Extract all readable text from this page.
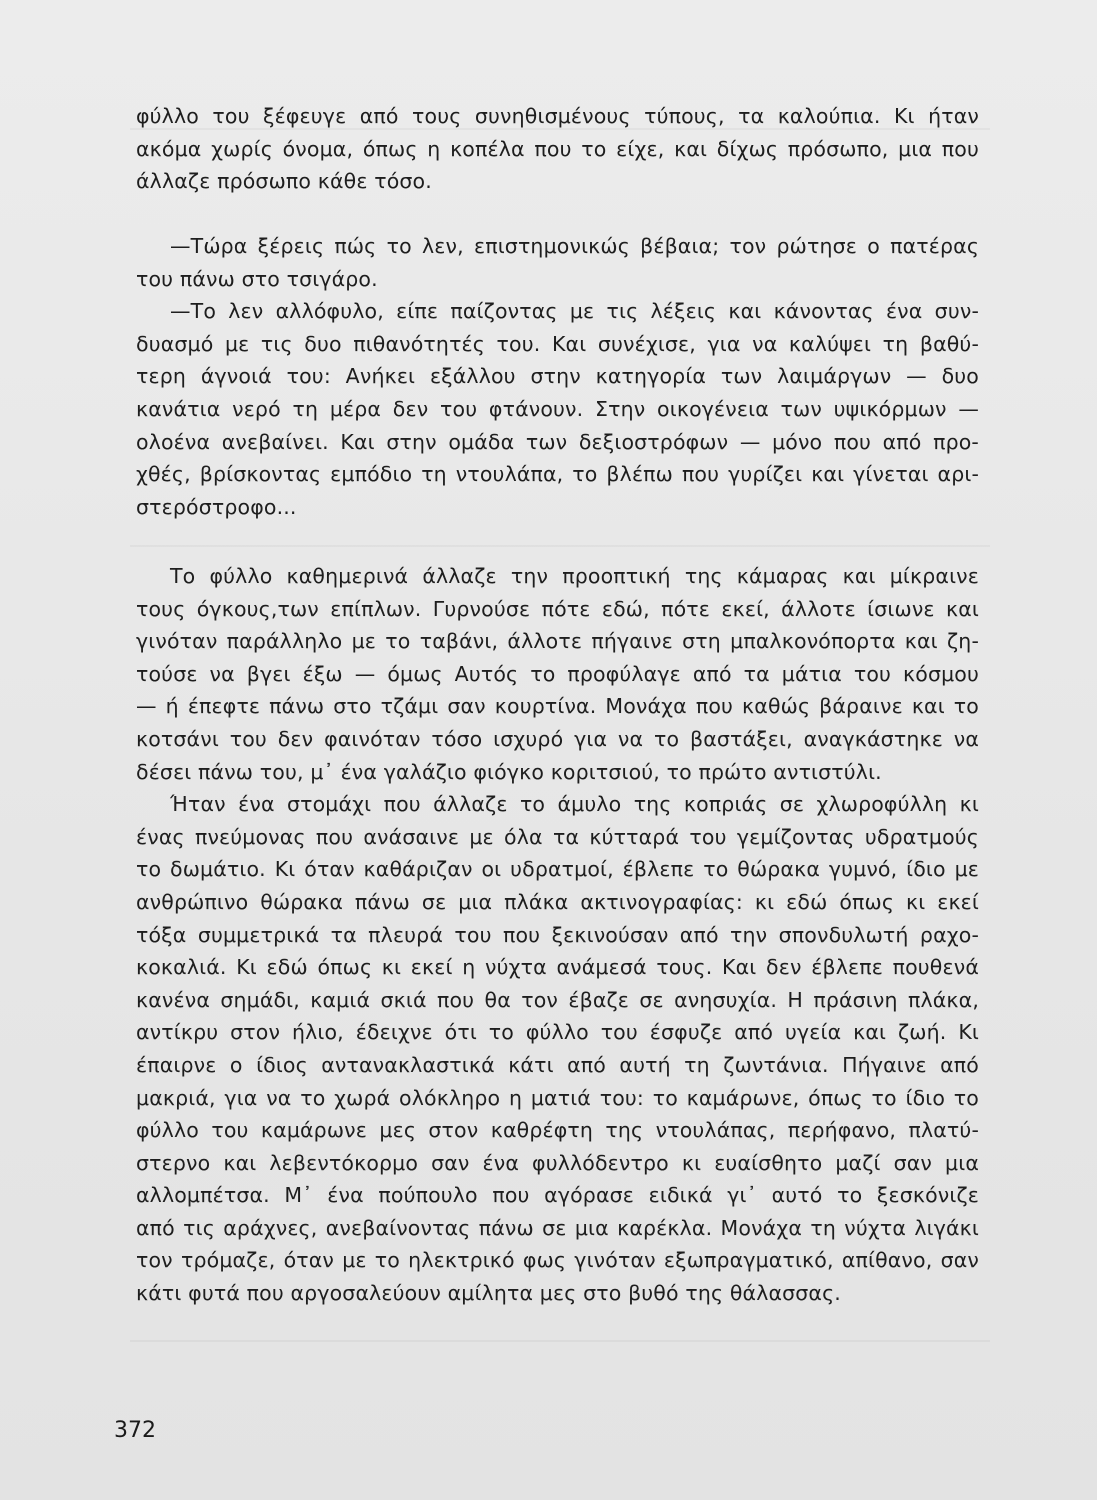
φύλλο του ξέφευγε από τους συνηθισμένους τύπους, τα καλούπια. Κι ήταν
ακόμα χωρίς όνομα, όπως η κοπέλα που το είχε, και δίχως πρόσωπο, μια που
άλλαζε πρόσωπο κάθε τόσο.
—Τώρα ξέρεις πώς το λεν, επιστημονικώς βέβαια; τον ρώτησε ο πατέρας
του πάνω στο τσιγάρο.
—Το λεν αλλόφυλο, είπε παίζοντας με τις λέξεις και κάνοντας ένα συν-
δυασμό με τις δυο πιθανότητές του. Και συνέχισε, για να καλύψει τη βαθύ-
τερη άγνοιά του: Ανήκει εξάλλου στην κατηγορία των λαιμάργων — δυο
κανάτια νερό τη μέρα δεν του φτάνουν. Στην οικογένεια των υψικόρμων —
ολοένα ανεβαίνει. Και στην ομάδα των δεξιοστρόφων — μόνο που από προ-
χθές, βρίσκοντας εμπόδιο τη ντουλάπα, το βλέπω που γυρίζει και γίνεται αρι-
στερόστροφο...
Το φύλλο καθημερινά άλλαζε την προοπτική της κάμαρας και μίκραινε
τους όγκους,των επίπλων. Γυρνούσε πότε εδώ, πότε εκεί, άλλοτε ίσιωνε και
γινόταν παράλληλο με το ταβάνι, άλλοτε πήγαινε στη μπαλκονόπορτα και ζη-
τούσε να βγει έξω — όμως Αυτός το προφύλαγε από τα μάτια του κόσμου
— ή έπεφτε πάνω στο τζάμι σαν κουρτίνα. Μονάχα που καθώς βάραινε και το
κοτσάνι του δεν φαινόταν τόσο ισχυρό για να το βαστάξει, αναγκάστηκε να
δέσει πάνω του, μ᾿ ένα γαλάζιο φιόγκο κοριτσιού, το πρώτο αντιστύλι.
Ήταν ένα στομάχι που άλλαζε το άμυλο της κοπριάς σε χλωροφύλλη κι
ένας πνεύμονας που ανάσαινε με όλα τα κύτταρά του γεμίζοντας υδρατμούς
το δωμάτιο. Κι όταν καθάριζαν οι υδρατμοί, έβλεπε το θώρακα γυμνό, ίδιο με
ανθρώπινο θώρακα πάνω σε μια πλάκα ακτινογραφίας: κι εδώ όπως κι εκεί
τόξα συμμετρικά τα πλευρά του που ξεκινούσαν από την σπονδυλωτή ραχο-
κοκαλιά. Κι εδώ όπως κι εκεί η νύχτα ανάμεσά τους. Και δεν έβλεπε πουθενά
κανένα σημάδι, καμιά σκιά που θα τον έβαζε σε ανησυχία. Η πράσινη πλάκα,
αντίκρυ στον ήλιο, έδειχνε ότι το φύλλο του έσφυζε από υγεία και ζωή. Κι
έπαιρνε ο ίδιος αντανακλαστικά κάτι από αυτή τη ζωντάνια. Πήγαινε από
μακριά, για να το χωρά ολόκληρο η ματιά του: το καμάρωνε, όπως το ίδιο το
φύλλο του καμάρωνε μες στον καθρέφτη της ντουλάπας, περήφανο, πλατύ-
στερνο και λεβεντόκορμο σαν ένα φυλλόδεντρο κι ευαίσθητο μαζί σαν μια
αλλομπέτσα. Μ᾿ ένα πούπουλο που αγόρασε ειδικά γι᾿ αυτό το ξεσκόνιζε
από τις αράχνες, ανεβαίνοντας πάνω σε μια καρέκλα. Μονάχα τη νύχτα λιγάκι
τον τρόμαζε, όταν με το ηλεκτρικό φως γινόταν εξωπραγματικό, απίθανο, σαν
κάτι φυτά που αργοσαλεύουν αμίλητα μες στο βυθό της θάλασσας.
372
